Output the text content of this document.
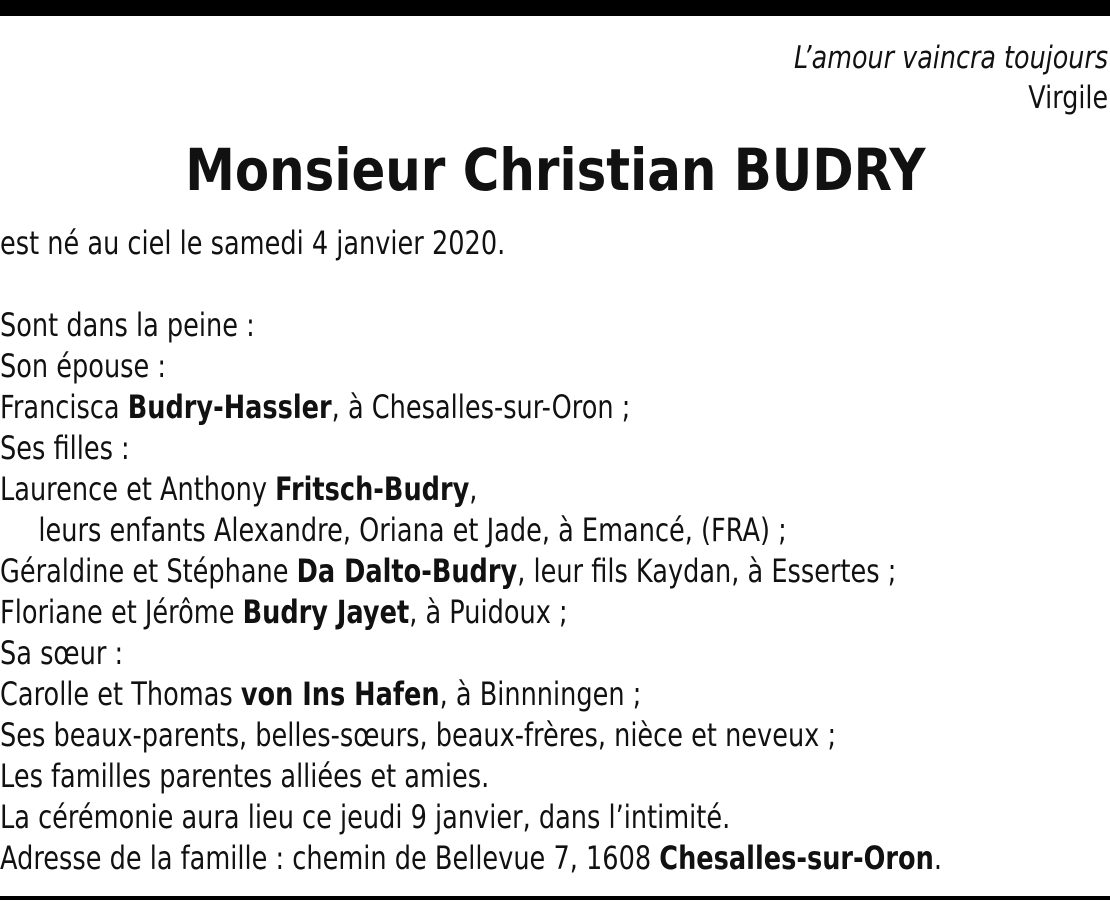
L’amour vaincra toujours
Virgile
Monsieur Christian BUDRY
est né au ciel le samedi 4 janvier 2020.
Sont dans la peine :
Son épouse :
Francisca Budry-Hassler, à Chesalles-sur-Oron ;
Ses filles :
Laurence et Anthony Fritsch-Budry,
leurs enfants Alexandre, Oriana et Jade, à Emancé, (FRA) ;
Géraldine et Stéphane Da Dalto-Budry, leur fils Kaydan, à Essertes ;
Floriane et Jérôme Budry Jayet, à Puidoux ;
Sa sœur :
Carolle et Thomas von Ins Hafen, à Binnningen ;
Ses beaux-parents, belles-sœurs, beaux-frères, nièce et neveux ;
Les familles parentes alliées et amies.
La cérémonie aura lieu ce jeudi 9 janvier, dans l’intimité.
Adresse de la famille : chemin de Bellevue 7, 1608 Chesalles-sur-Oron.
